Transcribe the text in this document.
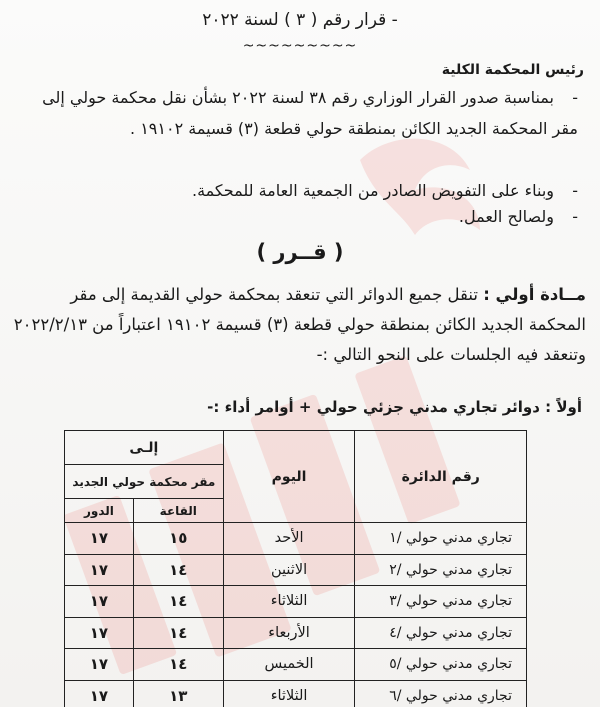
- قرار رقم ( ٣ ) لسنة ٢٠٢٢
~~~~~~~~~
رئيس المحكمة الكلية
-بمناسبة صدور القرار الوزاري رقم ٣٨ لسنة ٢٠٢٢ بشأن نقل محكمة حولي إلى مقر المحكمة الجديد الكائن بمنطقة حولي قطعة (٣) قسيمة ١٩١٠٢ .
-وبناء على التفويض الصادر من الجمعية العامة للمحكمة.
-ولصالح العمل.
( قــرر )
مــادة أولي : تنقل جميع الدوائر التي تنعقد بمحكمة حولي القديمة إلى مقر المحكمة الجديد الكائن بمنطقة حولي قطعة (٣) قسيمة ١٩١٠٢ اعتباراً من ٢٠٢٢/٢/١٣ وتنعقد فيه الجلسات على النحو التالي :-
أولاً : دوائر تجاري مدني جزئي حولي + أوامر أداء :-
رقم الدائرة	اليوم	إلـى	
		مقر محكمة حولي الجديد	
		القاعة	الدور
تجاري مدني حولي /١	الأحد	١٥	١٧
تجاري مدني حولي /٢	الاثنين	١٤	١٧
تجاري مدني حولي /٣	الثلاثاء	١٤	١٧
تجاري مدني حولي /٤	الأربعاء	١٤	١٧
تجاري مدني حولي /٥	الخميس	١٤	١٧
تجاري مدني حولي /٦	الثلاثاء	١٣	١٧
